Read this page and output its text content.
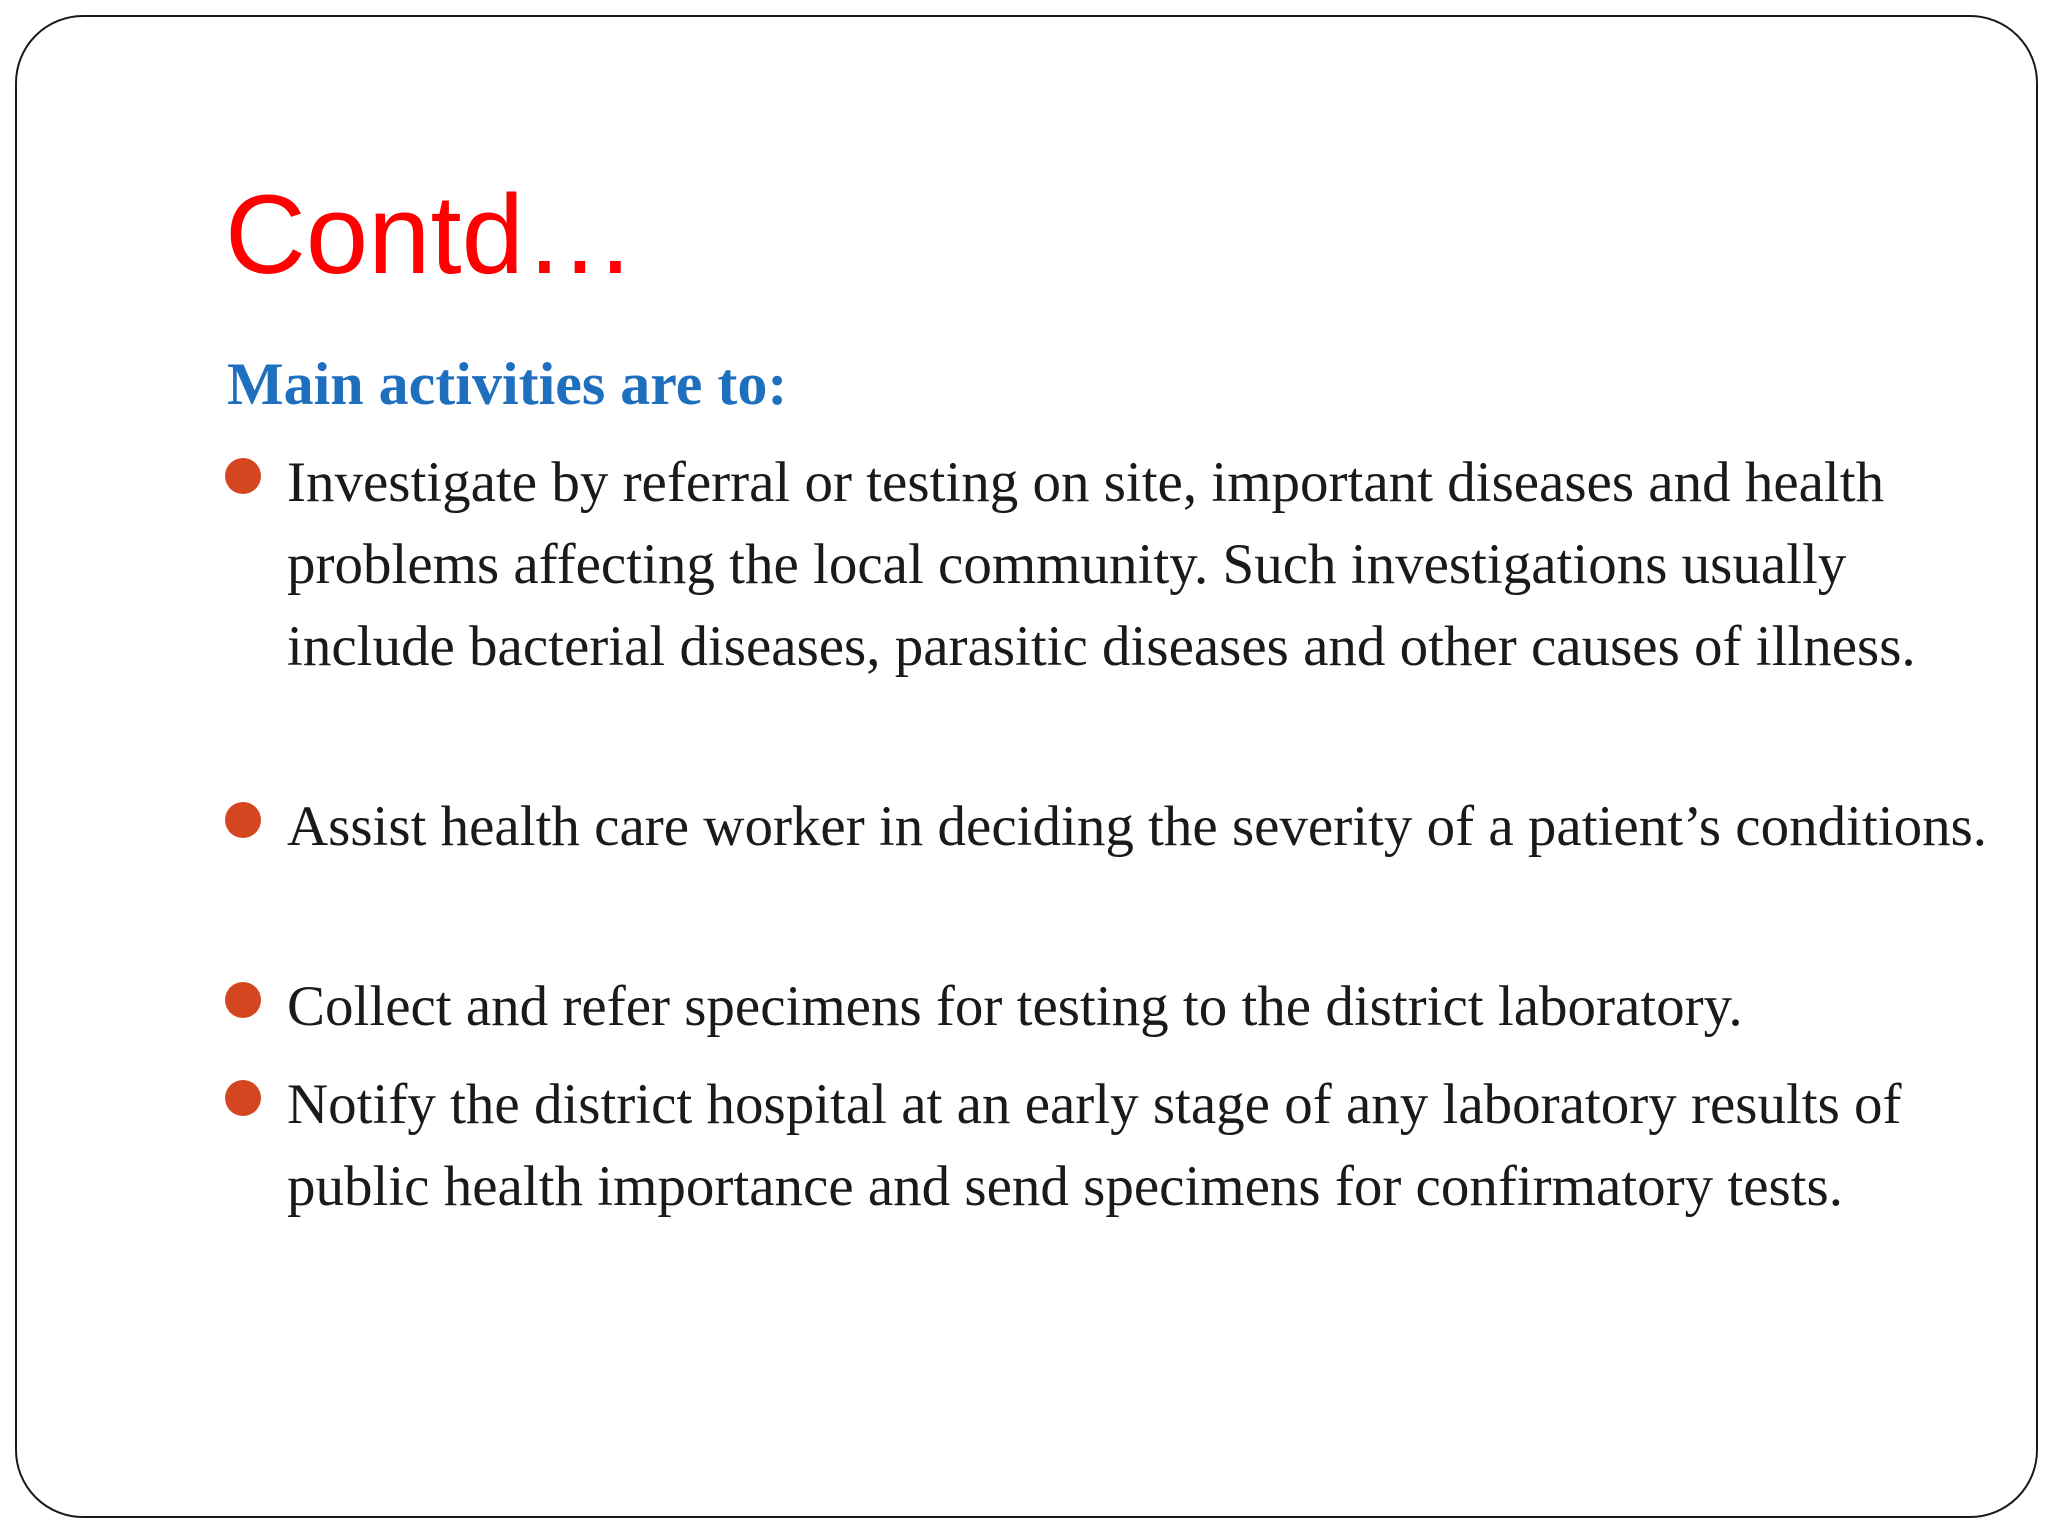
Contd…
Main activities are to:
Investigate by referral or testing on site, important diseases and health problems affecting the local community. Such investigations usually include bacterial diseases, parasitic diseases and other causes of illness.
Assist health care worker in deciding the severity of a patient’s conditions.
Collect and refer specimens for testing to the district laboratory.
Notify the district hospital at an early stage of any laboratory results of public health importance and send specimens for confirmatory tests.
